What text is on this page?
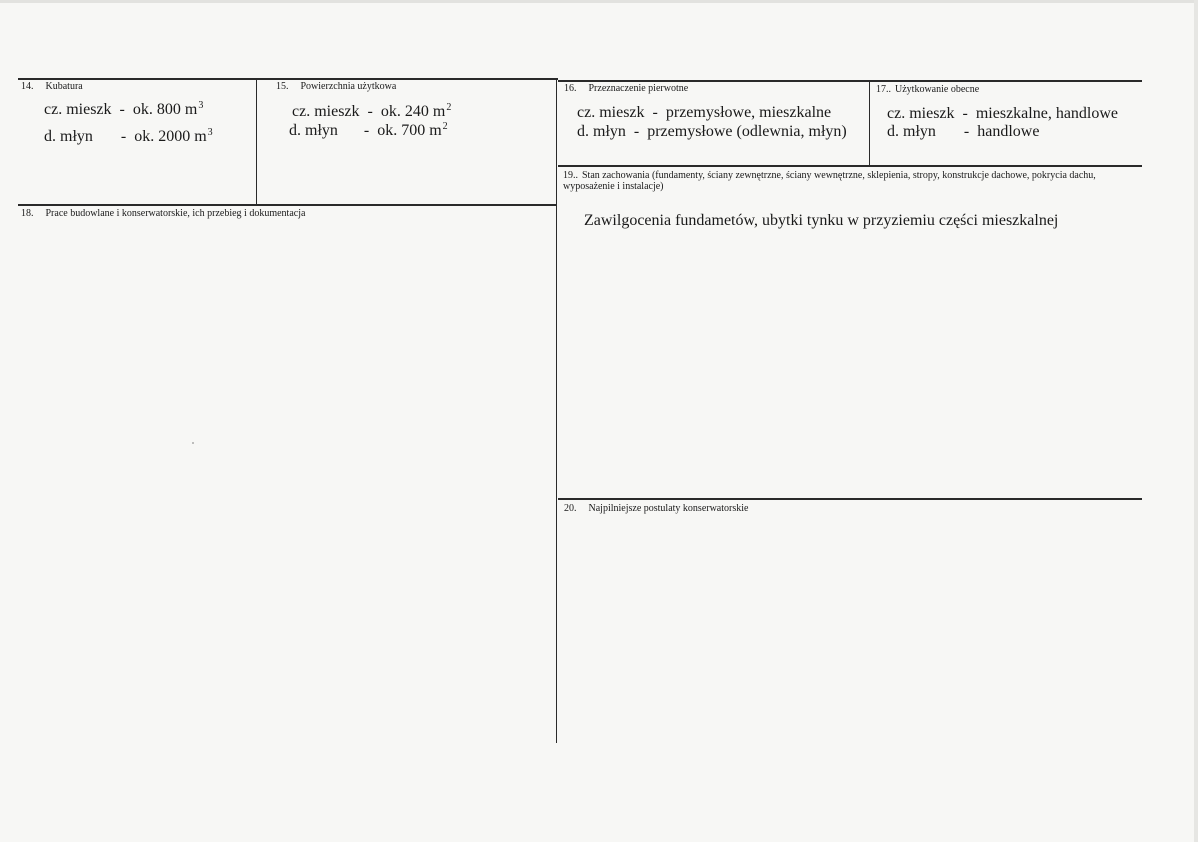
14. Kubatura
cz. mieszk - ok. 800 $m^3$
d. młyn - ok. 2000 $m^3$
15. Powierzchnia użytkowa
cz. mieszk - ok. 240 $m^2$
d. młyn - ok. 700 $m^2$
16. Przeznaczenie pierwotne
cz. mieszk - przemysłowe, mieszkalne
d. młyn - przemysłowe (odlewnia, młyn)
17.. Użytkowanie obecne
cz. mieszk - mieszkalne, handlowe
d. młyn - handlowe
18. Prace budowlane i konserwatorskie, ich przebieg i dokumentacja
19.. Stan zachowania (fundamenty, ściany zewnętrzne, ściany wewnętrzne, sklepienia, stropy, konstrukcje dachowe, pokrycia dachu, wyposażenie i instalacje)
Zawilgocenia fundametów, ubytki tynku w przyziemiu części mieszkalnej
20. Najpilniejsze postulaty konserwatorskie
